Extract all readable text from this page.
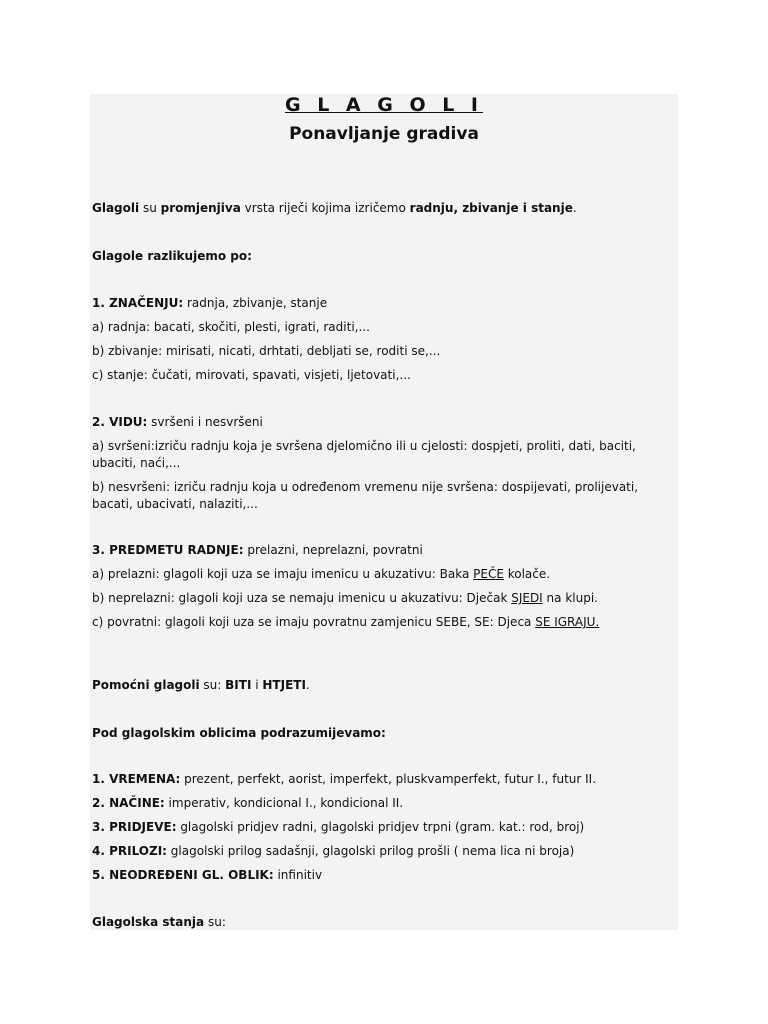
G L A G O L I
Ponavljanje gradiva
Glagoli su promjenjiva vrsta riječi kojima izričemo radnju, zbivanje i stanje.
Glagole razlikujemo po:
1. ZNAČENJU: radnja, zbivanje, stanje
a) radnja: bacati, skočiti, plesti, igrati, raditi,...
b) zbivanje: mirisati, nicati, drhtati, debljati se, roditi se,...
c) stanje: čučati, mirovati, spavati, visjeti, ljetovati,...
2. VIDU: svršeni i nesvršeni
a) svršeni:izriču radnju koja je svršena djelomično ili u cjelosti: dospjeti, proliti, dati, baciti, ubaciti, naći,...
b) nesvršeni: izriču radnju koja u određenom vremenu nije svršena: dospijevati, prolijevati, bacati, ubacivati, nalaziti,...
3. PREDMETU RADNJE: prelazni, neprelazni, povratni
a) prelazni: glagoli koji uza se imaju imenicu u akuzativu: Baka PEČE kolače.
b) neprelazni: glagoli koji uza se nemaju imenicu u akuzativu: Dječak SJEDI na klupi.
c) povratni: glagoli koji uza se imaju povratnu zamjenicu SEBE, SE: Djeca SE IGRAJU.
Pomoćni glagoli su: BITI i HTJETI.
Pod glagolskim oblicima podrazumijevamo:
1. VREMENA: prezent, perfekt, aorist, imperfekt, pluskvamperfekt, futur I., futur II.
2. NAČINE: imperativ, kondicional I., kondicional II.
3. PRIDJEVE: glagolski pridjev radni, glagolski pridjev trpni (gram. kat.: rod, broj)
4. PRILOZI: glagolski prilog sadašnji, glagolski prilog prošli ( nema lica ni broja)
5. NEODREĐENI GL. OBLIK: infinitiv
Glagolska stanja su:
